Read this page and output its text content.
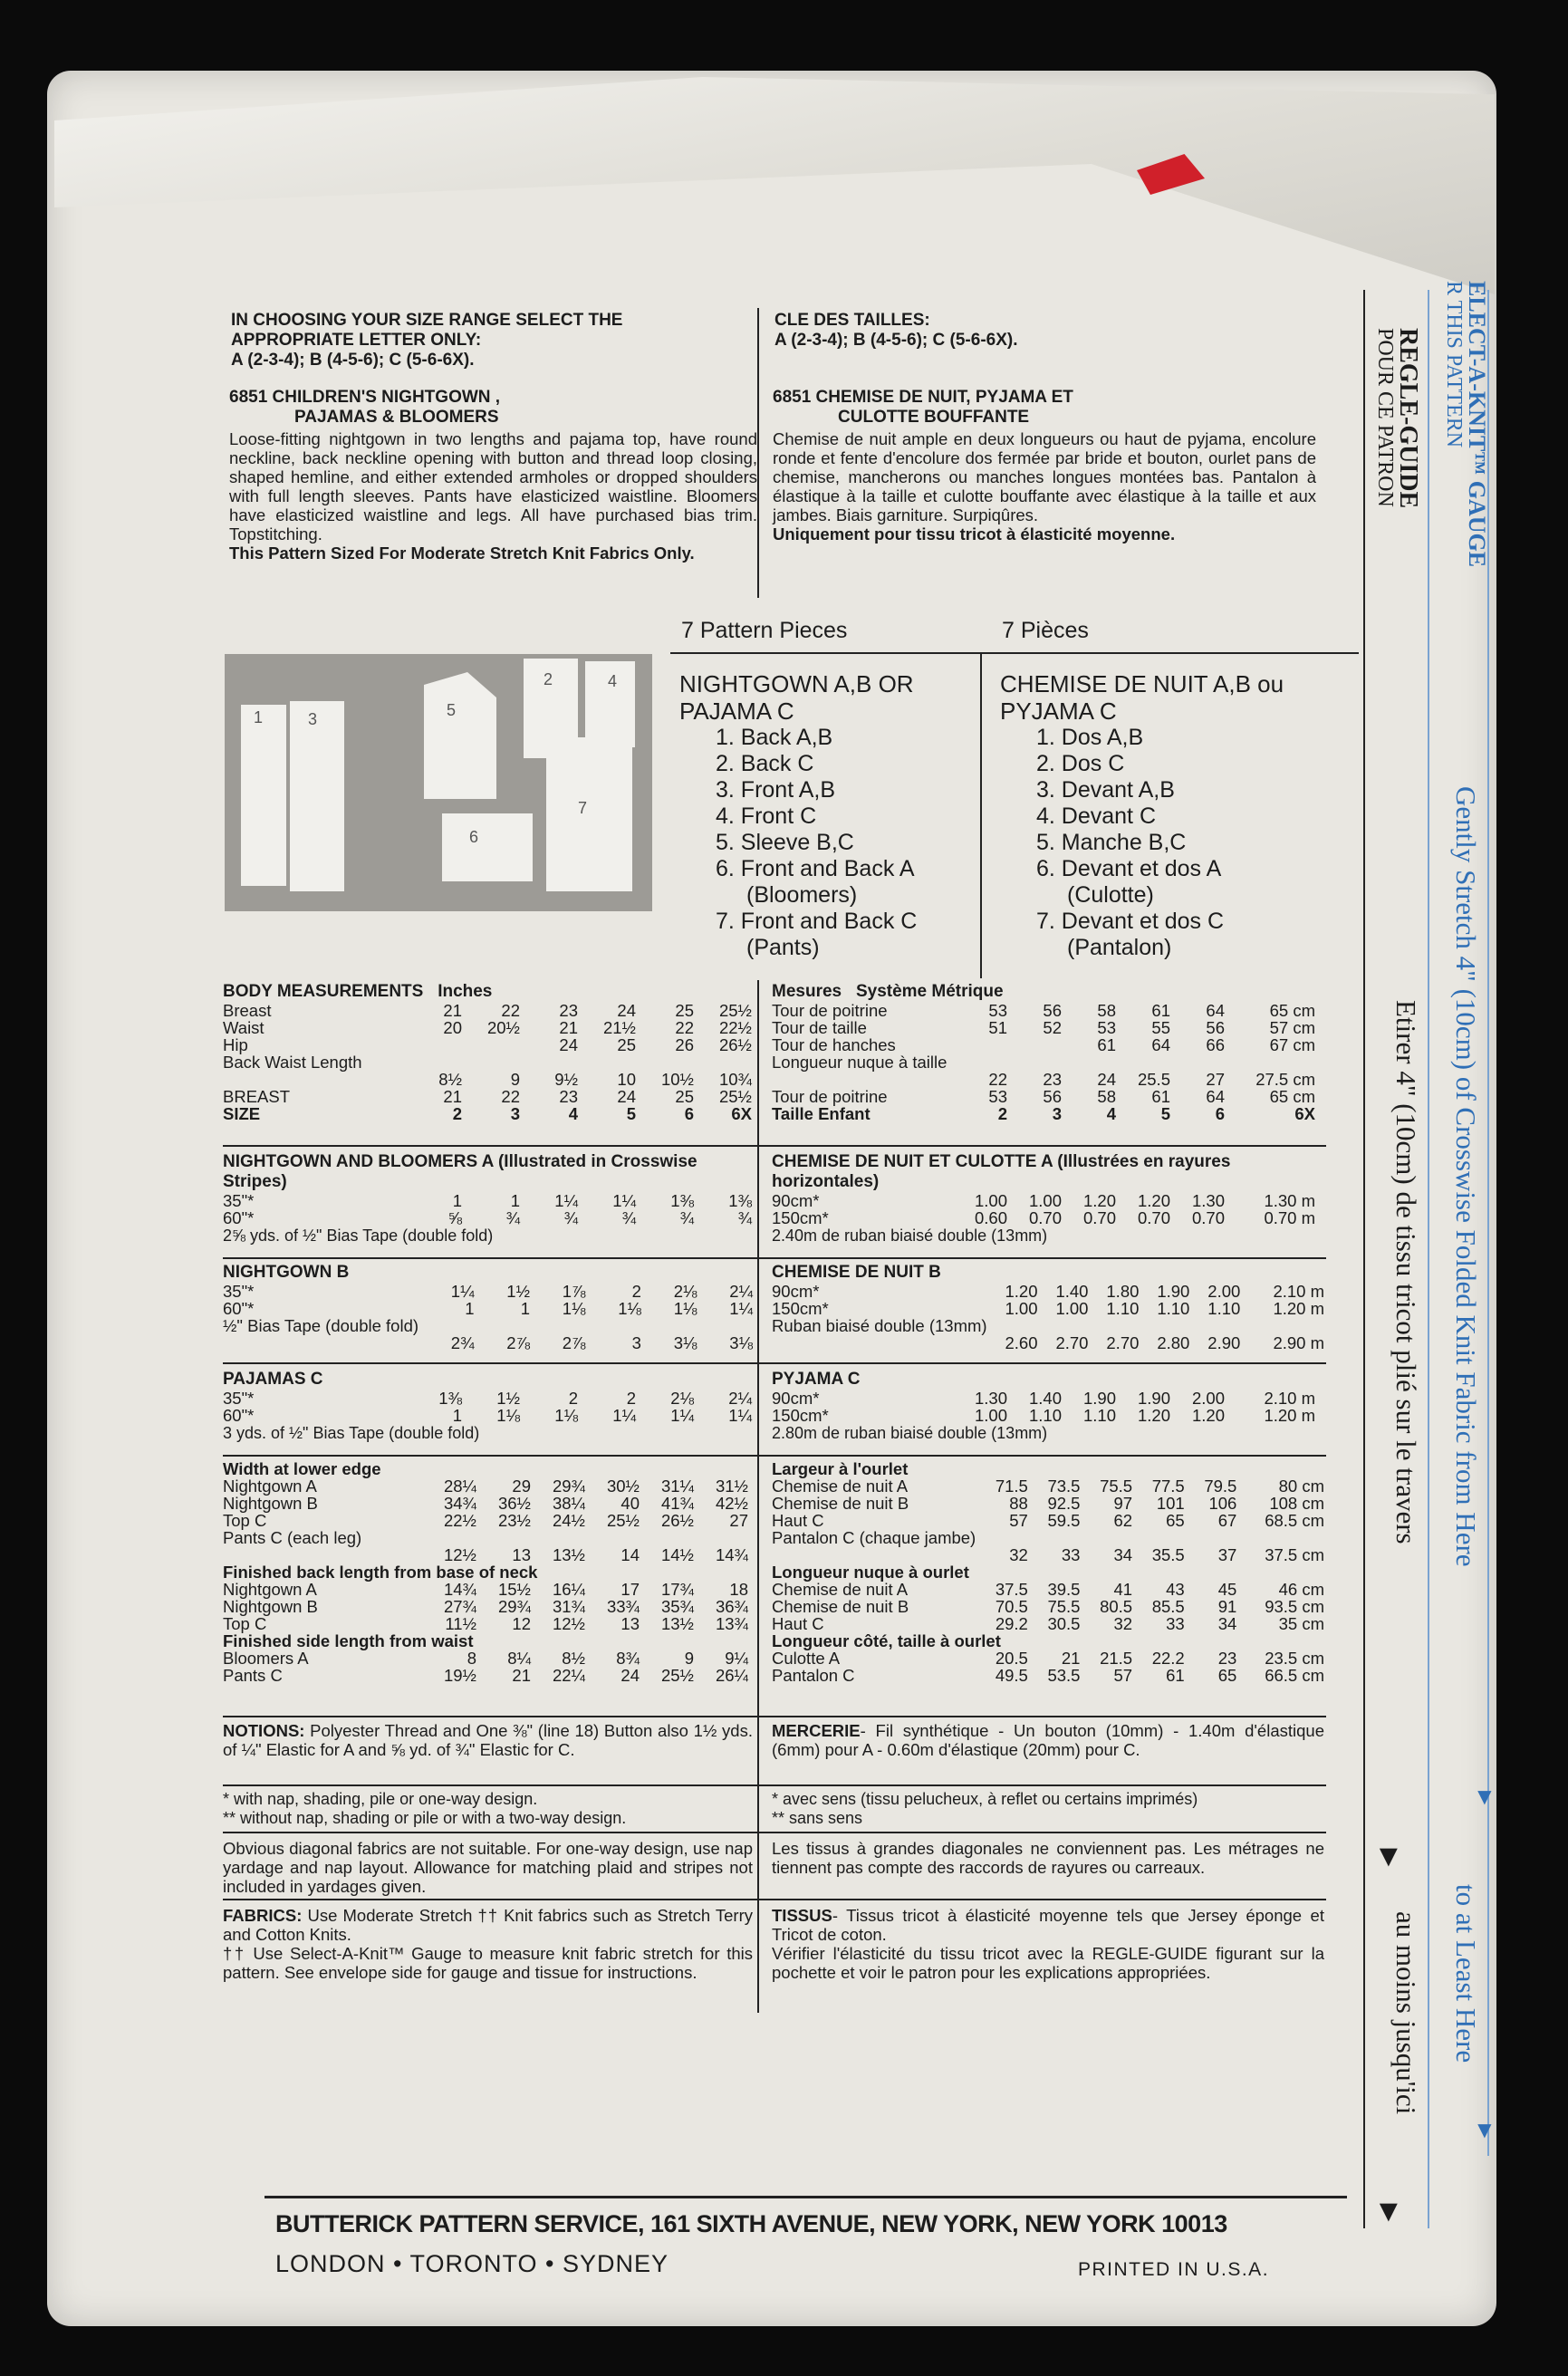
IN CHOOSING YOUR SIZE RANGE SELECT THE APPROPRIATE LETTER ONLY:
A (2-3-4); B (4-5-6); C (5-6-6X).
CLE DES TAILLES:
A (2-3-4); B (4-5-6); C (5-6-6X).
6851 CHILDREN'S NIGHTGOWN ,
PAJAMAS & BLOOMERS
Loose-fitting nightgown in two lengths and pajama top, have round neckline, back neckline opening with button and thread loop closing, shaped hemline, and either extended armholes or dropped shoulders with full length sleeves. Pants have elasticized waistline. Bloomers have elasticized waistline and legs. All have purchased bias trim. Topstitching.
This Pattern Sized For Moderate Stretch Knit Fabrics Only.
6851 CHEMISE DE NUIT, PYJAMA ET
CULOTTE BOUFFANTE
Chemise de nuit ample en deux longueurs ou haut de pyjama, encolure ronde et fente d'encolure dos fermée par bride et bouton, ourlet pans de chemise, mancherons ou manches longues montées bas. Pantalon à élastique à la taille et culotte bouffante avec élastique à la taille et aux jambes. Biais garniture. Surpiqûres.
Uniquement pour tissu tricot à élasticité moyenne.
1	3	5
2	4
6
7
7 Pattern Pieces	7 Pièces
NIGHTGOWN A,B OR
PAJAMA C
1. Back A,B
2. Back C
3. Front A,B
4. Front C
5. Sleeve B,C
6. Front and Back A
(Bloomers)
7. Front and Back C
(Pants)
CHEMISE DE NUIT A,B ou
PYJAMA C
1. Dos A,B
2. Dos C
3. Devant A,B
4. Devant C
5. Manche B,C
6. Devant et dos A
(Culotte)
7. Devant et dos C
(Pantalon)
BODY MEASUREMENTS Inches
Breast	21	22	23	24	25	25½
Waist	20	20½	21	21½	22	22½
Hip			24	25	26	26½
Back Waist Length						
	8½	9	9½	10	10½	10¾
BREAST	21	22	23	24	25	25½
SIZE	2	3	4	5	6	6X
Mesures Système Métrique
Tour de poitrine	53	56	58	61	64	65 cm
Tour de taille	51	52	53	55	56	57 cm
Tour de hanches			61	64	66	67 cm
Longueur nuque à taille						
	22	23	24	25.5	27	27.5 cm
Tour de poitrine	53	56	58	61	64	65 cm
Taille Enfant	2	3	4	5	6	6X
NIGHTGOWN AND BLOOMERS A (Illustrated in Crosswise Stripes)
35"*	1	1	1¼	1¼	1⅜	1⅜
60"*	⅝	¾	¾	¾	¾	¾
2⅝ yds. of ½" Bias Tape (double fold)
CHEMISE DE NUIT ET CULOTTE A (Illustrées en rayures horizontales)
90cm*	1.00	1.00	1.20	1.20	1.30	1.30 m
150cm*	0.60	0.70	0.70	0.70	0.70	0.70 m
2.40m de ruban biaisé double (13mm)
NIGHTGOWN B
35"*	1¼	1½	1⅞	2	2⅛	2¼
60"*	1	1	1⅛	1⅛	1⅛	1¼
½" Bias Tape (double fold)						
	2¾	2⅞	2⅞	3	3⅛	3⅛
CHEMISE DE NUIT B
90cm*	1.20	1.40	1.80	1.90	2.00	2.10 m
150cm*	1.00	1.00	1.10	1.10	1.10	1.20 m
Ruban biaisé double (13mm)						
	2.60	2.70	2.70	2.80	2.90	2.90 m
PAJAMAS C
35"*	1⅜	1½	2	2	2⅛	2¼
60"*	1	1⅛	1⅛	1¼	1¼	1¼
3 yds. of ½" Bias Tape (double fold)
PYJAMA C
90cm*	1.30	1.40	1.90	1.90	2.00	2.10 m
150cm*	1.00	1.10	1.10	1.20	1.20	1.20 m
2.80m de ruban biaisé double (13mm)
Width at lower edge						
Nightgown A	28¼	29	29¾	30½	31¼	31½
Nightgown B	34¾	36½	38¼	40	41¾	42½
Top C	22½	23½	24½	25½	26½	27
Pants C (each leg)						
	12½	13	13½	14	14½	14¾
Finished back length from base of neck						
Nightgown A	14¾	15½	16¼	17	17¾	18
Nightgown B	27¾	29¾	31¾	33¾	35¾	36¾
Top C	11½	12	12½	13	13½	13¾
Finished side length from waist						
Bloomers A	8	8¼	8½	8¾	9	9¼
Pants C	19½	21	22¼	24	25½	26¼
Largeur à l'ourlet						
Chemise de nuit A	71.5	73.5	75.5	77.5	79.5	80 cm
Chemise de nuit B	88	92.5	97	101	106	108 cm
Haut C	57	59.5	62	65	67	68.5 cm
Pantalon C (chaque jambe)						
	32	33	34	35.5	37	37.5 cm
Longueur nuque à ourlet						
Chemise de nuit A	37.5	39.5	41	43	45	46 cm
Chemise de nuit B	70.5	75.5	80.5	85.5	91	93.5 cm
Haut C	29.2	30.5	32	33	34	35 cm
Longueur côté, taille à ourlet						
Culotte A	20.5	21	21.5	22.2	23	23.5 cm
Pantalon C	49.5	53.5	57	61	65	66.5 cm
NOTIONS: Polyester Thread and One ⅜" (line 18) Button also 1½ yds. of ¼" Elastic for A and ⅝ yd. of ¾" Elastic for C.
MERCERIE- Fil synthétique - Un bouton (10mm) - 1.40m d'élastique (6mm) pour A - 0.60m d'élastique (20mm) pour C.
* with nap, shading, pile or one-way design.
** without nap, shading or pile or with a two-way design.
* avec sens (tissu pelucheux, à reflet ou certains imprimés)
** sans sens
Obvious diagonal fabrics are not suitable. For one-way design, use nap yardage and nap layout. Allowance for matching plaid and stripes not included in yardages given.
Les tissus à grandes diagonales ne conviennent pas. Les métrages ne tiennent pas compte des raccords de rayures ou carreaux.
FABRICS: Use Moderate Stretch †† Knit fabrics such as Stretch Terry and Cotton Knits.
†† Use Select-A-Knit™ Gauge to measure knit fabric stretch for this pattern. See envelope side for gauge and tissue for instructions.
TISSUS- Tissus tricot à élasticité moyenne tels que Jersey éponge et Tricot de coton.
Vérifier l'élasticité du tissu tricot avec la REGLE-GUIDE figurant sur la pochette et voir le patron pour les explications appropriées.
REGLE-GUIDE
POUR CE PATRON	ELECT-A-KNIT™ GAUGE
R THIS PATTERN
Gently Stretch 4" (10cm) of Crosswise Folded Knit Fabric from Here
▼
to at Least Here
▼
Etirer 4" (10cm) de tissu tricot plié sur le travers
▼
au moins jusqu'ici
▼
BUTTERICK PATTERN SERVICE, 161 SIXTH AVENUE, NEW YORK, NEW YORK 10013
LONDON • TORONTO • SYDNEY	PRINTED IN U.S.A.
